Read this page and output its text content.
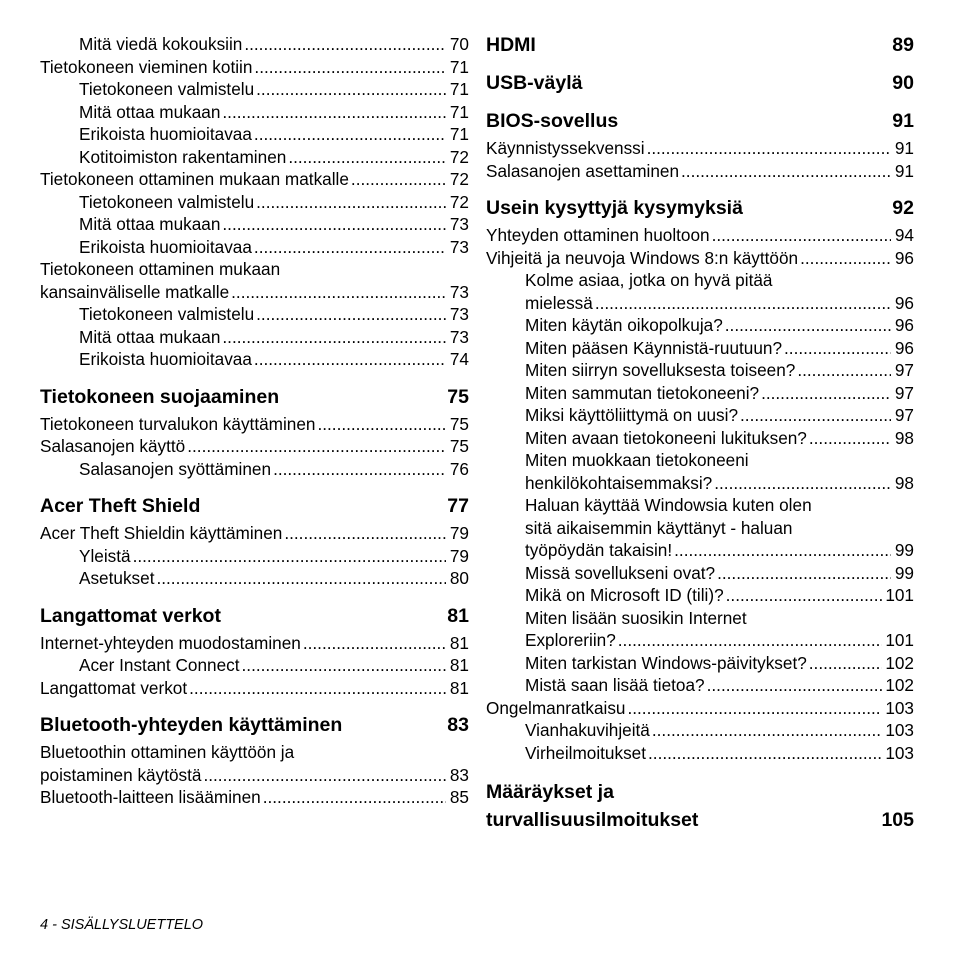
Mitä viedä kokouksiin .....	70
Tietokoneen vieminen kotiin .....	71
Tietokoneen valmistelu .....	71
Mitä ottaa mukaan .....	71
Erikoista huomioitavaa .....	71
Kotitoimiston rakentaminen .....	72
Tietokoneen ottaminen mukaan matkalle .....	72
Tietokoneen valmistelu .....	72
Mitä ottaa mukaan .....	73
Erikoista huomioitavaa .....	73
Tietokoneen ottaminen mukaan
kansainväliselle matkalle .....	73
Tietokoneen valmistelu .....	73
Mitä ottaa mukaan .....	73
Erikoista huomioitavaa .....	74
Tietokoneen suojaaminen	75
Tietokoneen turvalukon käyttäminen .....	75
Salasanojen käyttö .....	75
Salasanojen syöttäminen .....	76
Acer Theft Shield	77
Acer Theft Shieldin käyttäminen .....	79
Yleistä .....	79
Asetukset .....	80
Langattomat verkot	81
Internet-yhteyden muodostaminen .....	81
Acer Instant Connect .....	81
Langattomat verkot .....	81
Bluetooth-yhteyden käyttäminen	83
Bluetoothin ottaminen käyttöön ja
poistaminen käytöstä .....	83
Bluetooth-laitteen lisääminen .....	85
HDMI	89
USB-väylä	90
BIOS-sovellus	91
Käynnistyssekvenssi .....	91
Salasanojen asettaminen .....	91
Usein kysyttyjä kysymyksiä	92
Yhteyden ottaminen huoltoon .....	94
Vihjeitä ja neuvoja Windows 8:n käyttöön .....	96
Kolme asiaa, jotka on hyvä pitää
mielessä .....	96
Miten käytän oikopolkuja? .....	96
Miten pääsen Käynnistä-ruutuun? .....	96
Miten siirryn sovelluksesta toiseen? .....	97
Miten sammutan tietokoneeni? .....	97
Miksi käyttöliittymä on uusi? .....	97
Miten avaan tietokoneeni lukituksen? .....	98
Miten muokkaan tietokoneeni
henkilökohtaisemmaksi? .....	98
Haluan käyttää Windowsia kuten olen
sitä aikaisemmin käyttänyt - haluan
työpöydän takaisin! .....	99
Missä sovellukseni ovat? .....	99
Mikä on Microsoft ID (tili)? .....	101
Miten lisään suosikin Internet
Exploreriin? .....	101
Miten tarkistan Windows-päivitykset? .....	102
Mistä saan lisää tietoa? .....	102
Ongelmanratkaisu .....	103
Vianhakuvihjeitä .....	103
Virheilmoitukset .....	103
Määräykset ja
turvallisuusilmoitukset	105
4 - SISÄLLYSLUETTELO
